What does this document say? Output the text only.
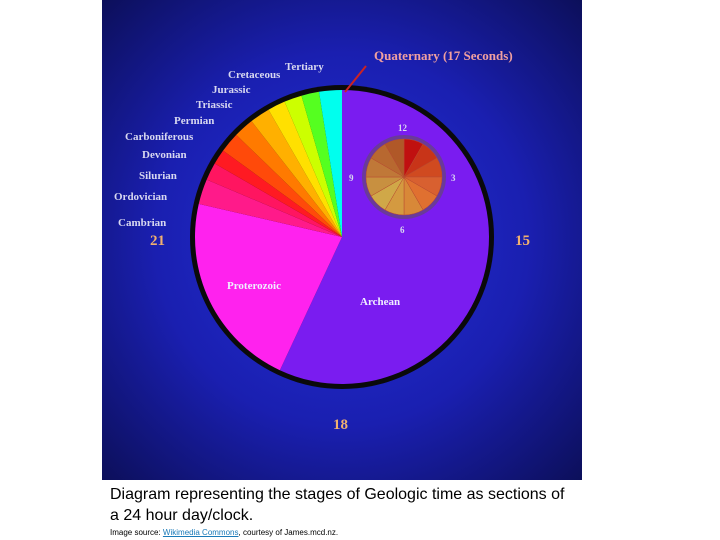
Quaternary (17 Seconds)
Tertiary
Cretaceous
Jurassic
Triassic
Permian
Carboniferous
Devonian
Silurian
Ordovician
Cambrian
Proterozoic
Archean
21	15
18
12
3
6
9
Diagram representing the stages of Geologic time as sections of a 24 hour day/clock.
Image source: Wikimedia Commons, courtesy of James.mcd.nz.
